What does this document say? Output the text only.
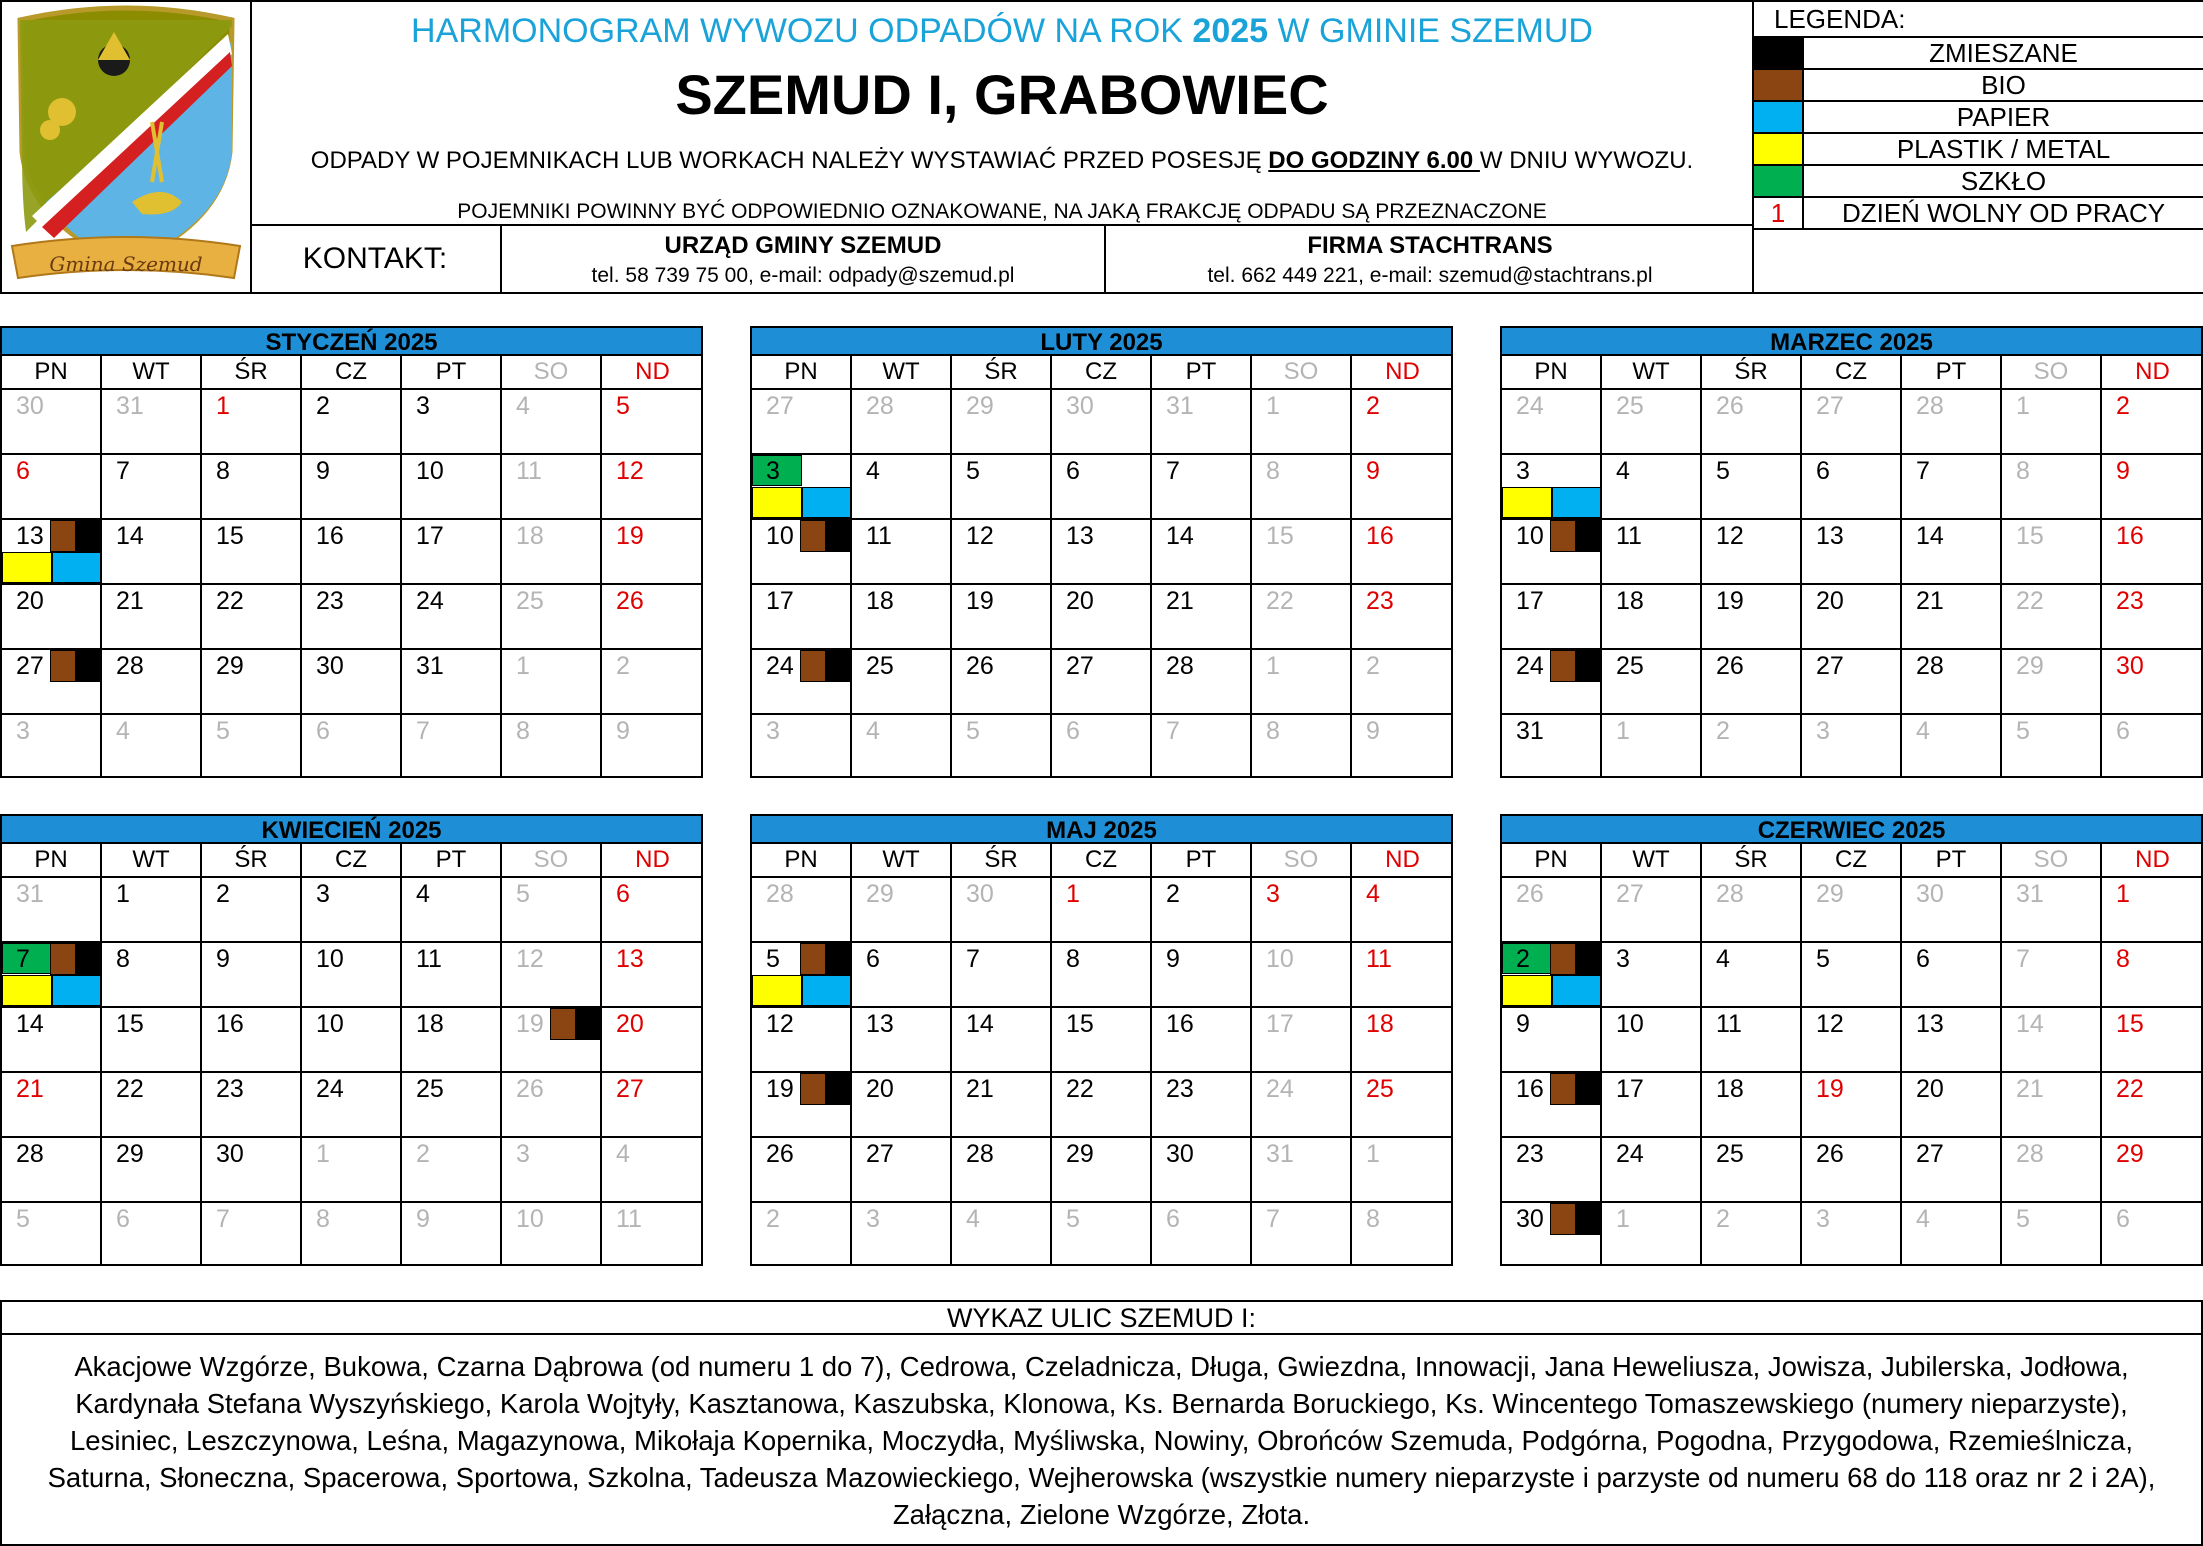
Gmina Szemud
HARMONOGRAM WYWOZU ODPADÓW NA ROK 2025 W GMINIE SZEMUD
SZEMUD I, GRABOWIEC
ODPADY W POJEMNIKACH LUB WORKACH NALEŻY WYSTAWIAĆ PRZED POSESJĘ DO GODZINY 6.00 W DNIU WYWOZU.
POJEMNIKI POWINNY BYĆ ODPOWIEDNIO OZNAKOWANE, NA JAKĄ FRAKCJĘ ODPADU SĄ PRZEZNACZONE
KONTAKT:	URZĄD GMINY SZEMUD
tel. 58 739 75 00, e-mail: odpady@szemud.pl
FIRMA STACHTRANS
tel. 662 449 221, e-mail: szemud@stachtrans.pl
LEGENDA:
ZMIESZANE
BIO
PAPIER
PLASTIK / METAL
SZKŁO
1	DZIEŃ WOLNY OD PRACY
STYCZEŃ 2025
PN	WT	ŚR	CZ	PT	SO	ND
30	31	1	2	3	4	5
6	7	8	9	10	11	12
13	14	15	16	17	18	19
20	21	22	23	24	25	26
27	28	29	30	31	1	2
3	4	5	6	7	8	9
LUTY 2025
PN	WT	ŚR	CZ	PT	SO	ND
27	28	29	30	31	1	2
3	4	5	6	7	8	9
10	11	12	13	14	15	16
17	18	19	20	21	22	23
24	25	26	27	28	1	2
3	4	5	6	7	8	9
MARZEC 2025
PN	WT	ŚR	CZ	PT	SO	ND
24	25	26	27	28	1	2
3	4	5	6	7	8	9
10	11	12	13	14	15	16
17	18	19	20	21	22	23
24	25	26	27	28	29	30
31	1	2	3	4	5	6
KWIECIEŃ 2025
PN	WT	ŚR	CZ	PT	SO	ND
31	1	2	3	4	5	6
7	8	9	10	11	12	13
14	15	16	10	18	19	20
21	22	23	24	25	26	27
28	29	30	1	2	3	4
5	6	7	8	9	10	11
MAJ 2025
PN	WT	ŚR	CZ	PT	SO	ND
28	29	30	1	2	3	4
5	6	7	8	9	10	11
12	13	14	15	16	17	18
19	20	21	22	23	24	25
26	27	28	29	30	31	1
2	3	4	5	6	7	8
CZERWIEC 2025
PN	WT	ŚR	CZ	PT	SO	ND
26	27	28	29	30	31	1
2	3	4	5	6	7	8
9	10	11	12	13	14	15
16	17	18	19	20	21	22
23	24	25	26	27	28	29
30	1	2	3	4	5	6
WYKAZ ULIC SZEMUD I:
Akacjowe Wzgórze, Bukowa, Czarna Dąbrowa (od numeru 1 do 7), Cedrowa, Czeladnicza, Długa, Gwiezdna, Innowacji, Jana Heweliusza, Jowisza, Jubilerska, Jodłowa, Kardynała Stefana Wyszyńskiego, Karola Wojtyły, Kasztanowa, Kaszubska, Klonowa, Ks. Bernarda Boruckiego, Ks. Wincentego Tomaszewskiego (numery nieparzyste), Lesiniec, Leszczynowa, Leśna, Magazynowa, Mikołaja Kopernika, Moczydła, Myśliwska, Nowiny, Obrońców Szemuda, Podgórna, Pogodna, Przygodowa, Rzemieślnicza, Saturna, Słoneczna, Spacerowa, Sportowa, Szkolna, Tadeusza Mazowieckiego, Wejherowska (wszystkie numery nieparzyste i parzyste od numeru 68 do 118 oraz nr 2 i 2A), Załączna, Zielone Wzgórze, Złota.
